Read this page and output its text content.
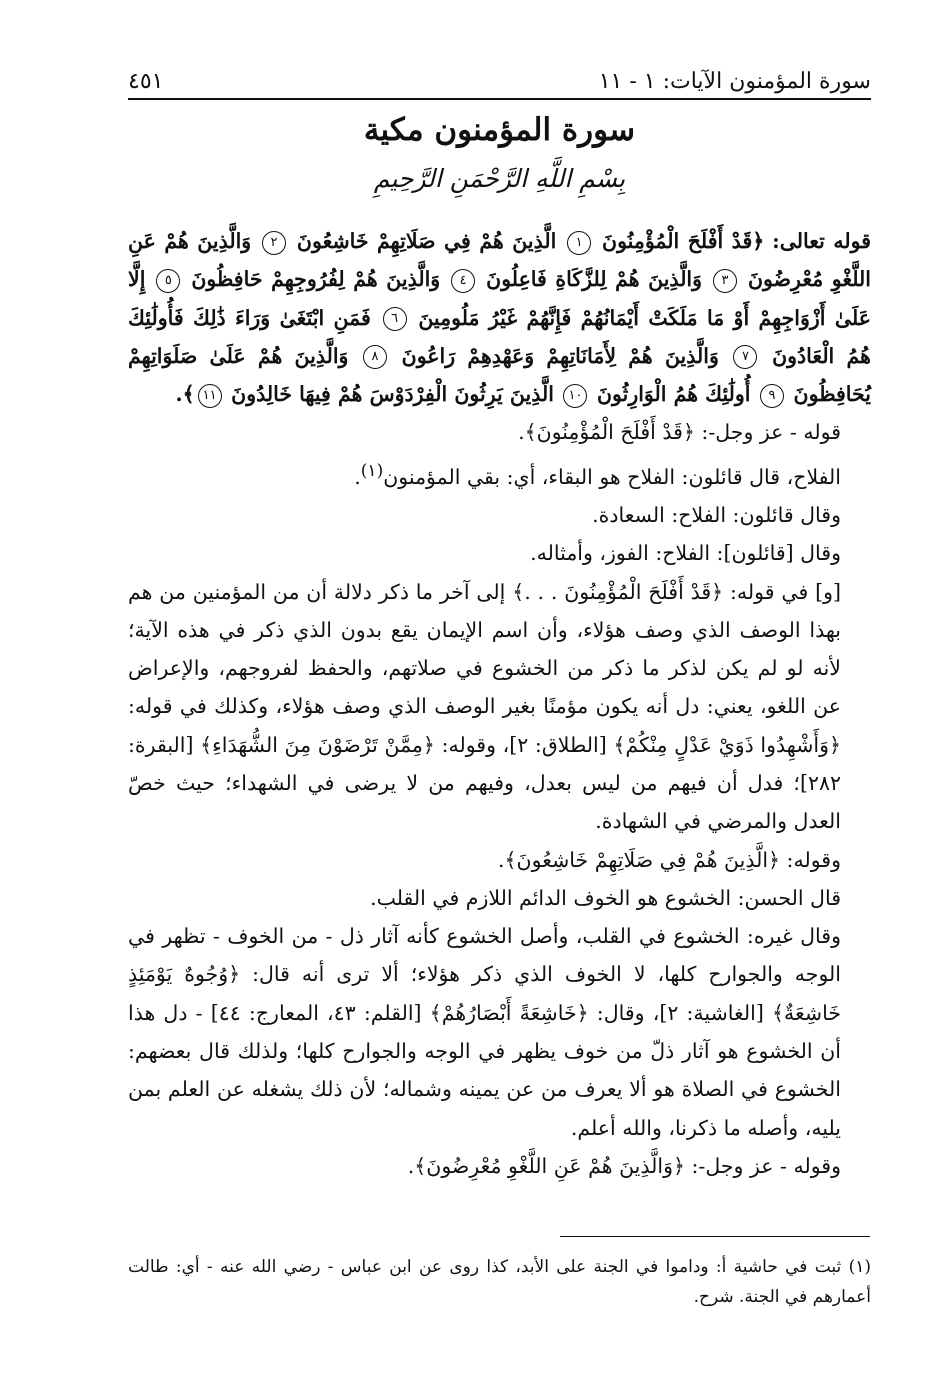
سورة المؤمنون الآيات: ١ - ١١
٤٥١
سورة المؤمنون مكية
بِسْمِ اللَّهِ الرَّحْمَنِ الرَّحِيمِ

قوله تعالى: ﴿قَدْ أَفْلَحَ الْمُؤْمِنُونَ ١ الَّذِينَ هُمْ فِي صَلَاتِهِمْ خَاشِعُونَ ٢ وَالَّذِينَ هُمْ عَنِ اللَّغْوِ مُعْرِضُونَ ٣ وَالَّذِينَ هُمْ لِلزَّكَاةِ فَاعِلُونَ ٤ وَالَّذِينَ هُمْ لِفُرُوجِهِمْ حَافِظُونَ ٥ إِلَّا عَلَىٰ أَزْوَاجِهِمْ أَوْ مَا مَلَكَتْ أَيْمَانُهُمْ فَإِنَّهُمْ غَيْرُ مَلُومِينَ ٦ فَمَنِ ابْتَغَىٰ وَرَاءَ ذَٰلِكَ فَأُولَٰئِكَ هُمُ الْعَادُونَ ٧ وَالَّذِينَ هُمْ لِأَمَانَاتِهِمْ وَعَهْدِهِمْ رَاعُونَ ٨ وَالَّذِينَ هُمْ عَلَىٰ صَلَوَاتِهِمْ يُحَافِظُونَ ٩ أُولَٰئِكَ هُمُ الْوَارِثُونَ ١٠ الَّذِينَ يَرِثُونَ الْفِرْدَوْسَ هُمْ فِيهَا خَالِدُونَ ١١﴾.

قوله - عز وجل-: ﴿قَدْ أَفْلَحَ الْمُؤْمِنُونَ﴾.

الفلاح، قال قائلون: الفلاح هو البقاء، أي: بقي المؤمنون$^{(١)}$.

وقال قائلون: الفلاح: السعادة.

وقال [قائلون]: الفلاح: الفوز، وأمثاله.

[و] في قوله: ﴿قَدْ أَفْلَحَ الْمُؤْمِنُونَ . . .﴾ إلى آخر ما ذكر دلالة أن من المؤمنين من هم بهذا الوصف الذي وصف هؤلاء، وأن اسم الإيمان يقع بدون الذي ذكر في هذه الآية؛ لأنه لو لم يكن لذكر ما ذكر من الخشوع في صلاتهم، والحفظ لفروجهم، والإعراض عن اللغو، يعني: دل أنه يكون مؤمنًا بغير الوصف الذي وصف هؤلاء، وكذلك في قوله: ﴿وَأَشْهِدُوا ذَوَيْ عَدْلٍ مِنْكُمْ﴾ [الطلاق: ٢]، وقوله: ﴿مِمَّنْ تَرْضَوْنَ مِنَ الشُّهَدَاءِ﴾ [البقرة: ٢٨٢]؛ فدل أن فيهم من ليس بعدل، وفيهم من لا يرضى في الشهداء؛ حيث خصّ العدل والمرضي في الشهادة.

وقوله: ﴿الَّذِينَ هُمْ فِي صَلَاتِهِمْ خَاشِعُونَ﴾.

قال الحسن: الخشوع هو الخوف الدائم اللازم في القلب.

وقال غيره: الخشوع في القلب، وأصل الخشوع كأنه آثار ذل - من الخوف - تظهر في الوجه والجوارح كلها، لا الخوف الذي ذكر هؤلاء؛ ألا ترى أنه قال: ﴿وُجُوهٌ يَوْمَئِذٍ خَاشِعَةٌ﴾ [الغاشية: ٢]، وقال: ﴿خَاشِعَةً أَبْصَارُهُمْ﴾ [القلم: ٤٣، المعارج: ٤٤] - دل هذا أن الخشوع هو آثار ذلّ من خوف يظهر في الوجه والجوارح كلها؛ ولذلك قال بعضهم: الخشوع في الصلاة هو ألا يعرف من عن يمينه وشماله؛ لأن ذلك يشغله عن العلم بمن يليه، وأصله ما ذكرنا، والله أعلم.

وقوله - عز وجل-: ﴿وَالَّذِينَ هُمْ عَنِ اللَّغْوِ مُعْرِضُونَ﴾.

(١) ثبت في حاشية أ: وداموا في الجنة على الأبد، كذا روى عن ابن عباس - رضي الله عنه - أي: طالت أعمارهم في الجنة. شرح.
